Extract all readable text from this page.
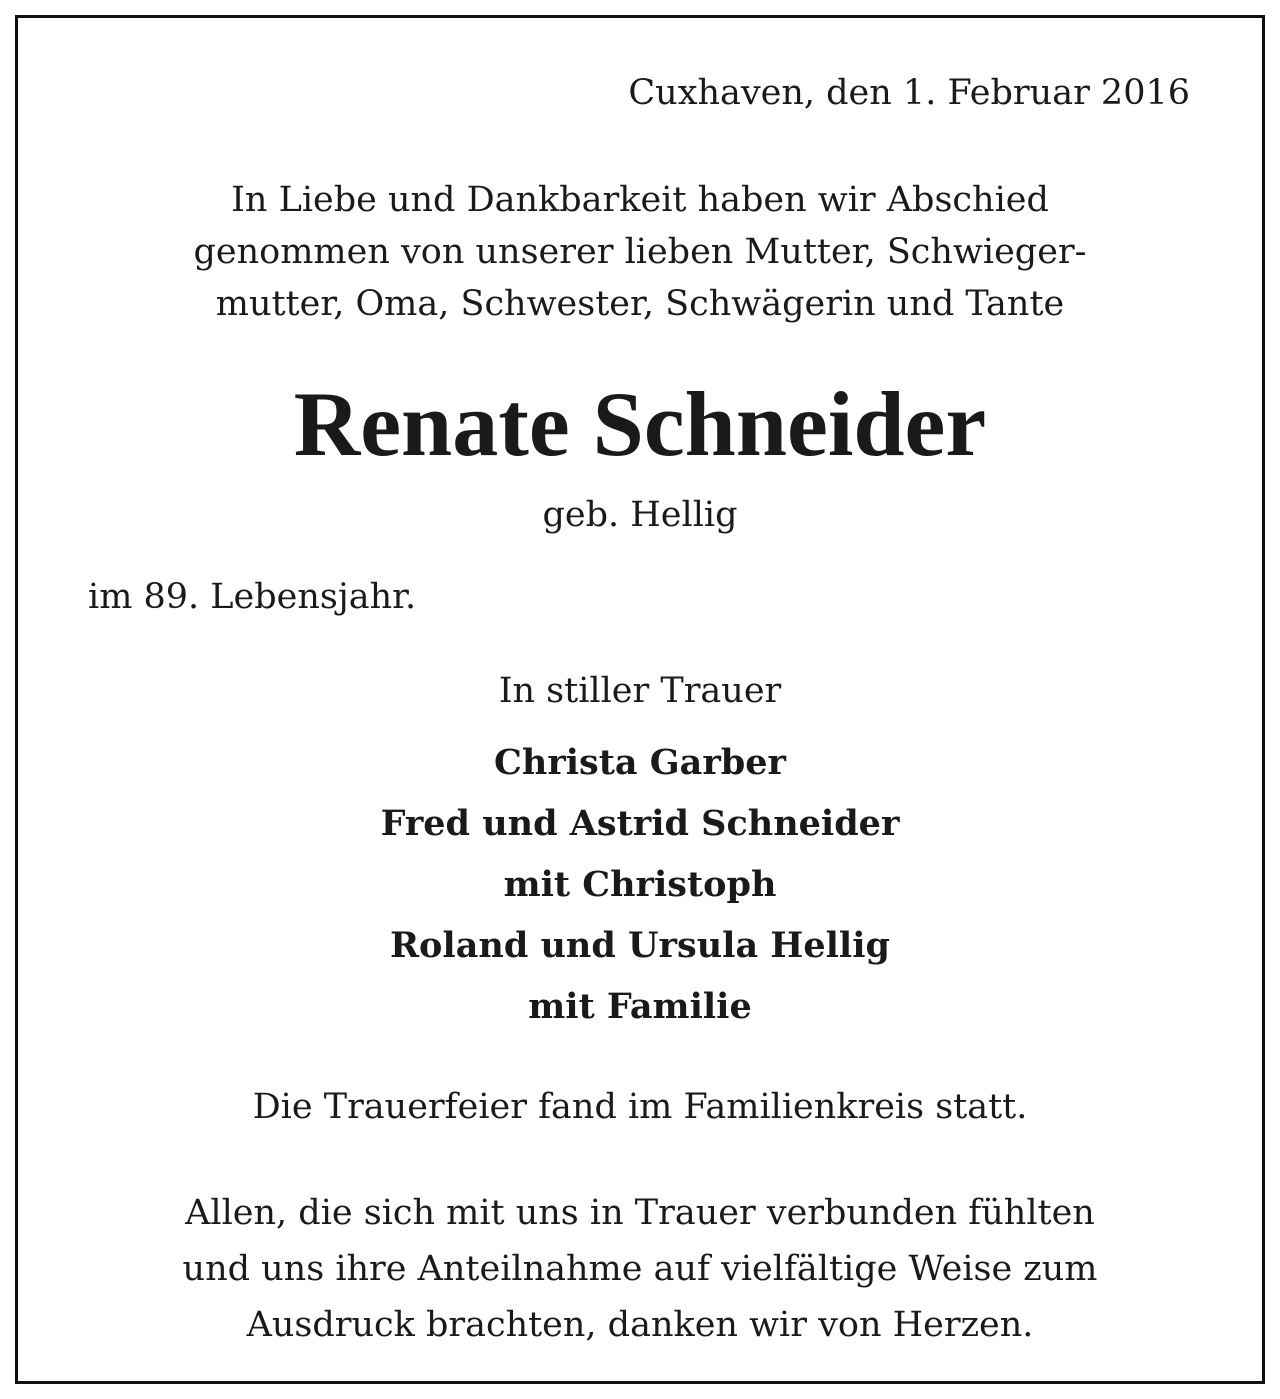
Cuxhaven, den 1. Februar 2016
In Liebe und Dankbarkeit haben wir Abschied
genommen von unserer lieben Mutter, Schwieger-
mutter, Oma, Schwester, Schwägerin und Tante
Renate Schneider
geb. Hellig
im 89. Lebensjahr.
In stiller Trauer
Christa Garber
Fred und Astrid Schneider
mit Christoph
Roland und Ursula Hellig
mit Familie
Die Trauerfeier fand im Familienkreis statt.
Allen, die sich mit uns in Trauer verbunden fühlten
und uns ihre Anteilnahme auf vielfältige Weise zum
Ausdruck brachten, danken wir von Herzen.
